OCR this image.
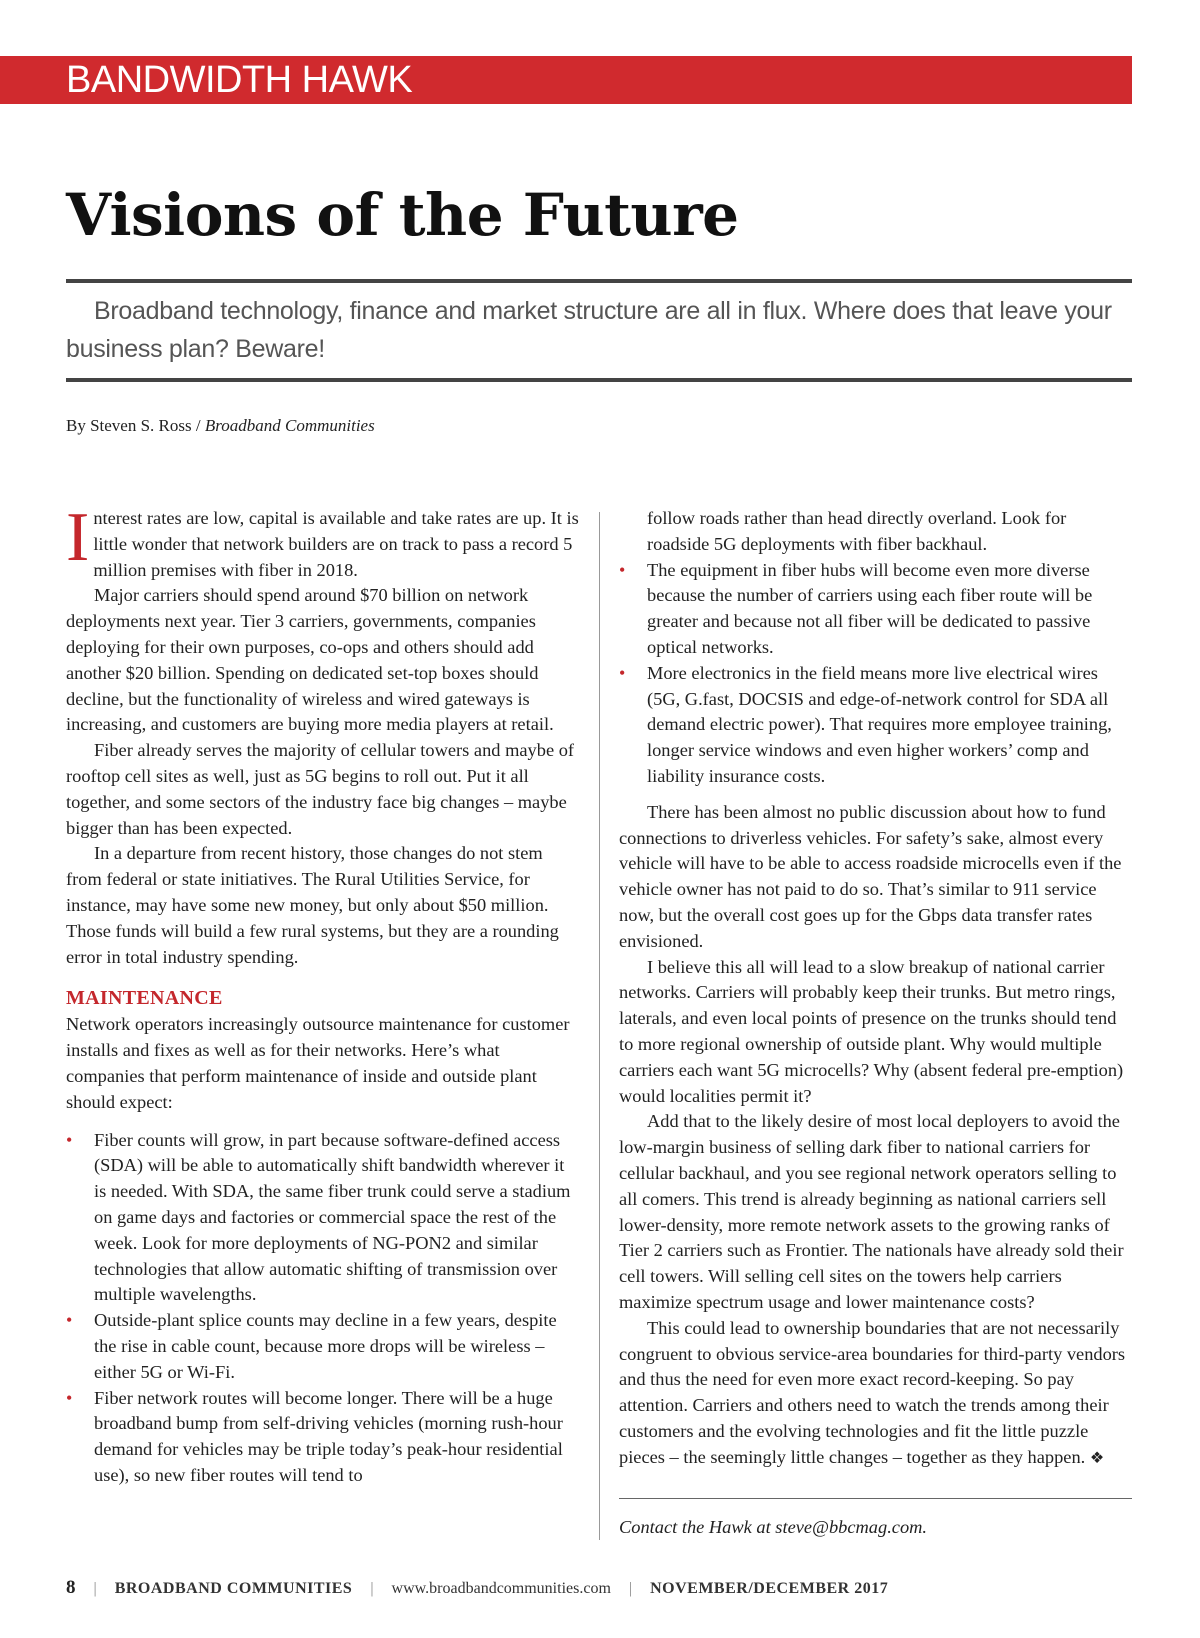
BANDWIDTH HAWK
Visions of the Future

Broadband technology, finance and market structure are all in flux. Where does that leave your business plan? Beware!

By Steven S. Ross / Broadband Communities

Interest rates are low, capital is available and take rates are up. It is little wonder that network builders are on track to pass a record 5 million premises with fiber in 2018.

Major carriers should spend around $70 billion on network deployments next year. Tier 3 carriers, governments, companies deploying for their own purposes, co-ops and others should add another $20 billion. Spending on dedicated set-top boxes should decline, but the functionality of wireless and wired gateways is increasing, and customers are buying more media players at retail.

Fiber already serves the majority of cellular towers and maybe of rooftop cell sites as well, just as 5G begins to roll out. Put it all together, and some sectors of the industry face big changes – maybe bigger than has been expected.

In a departure from recent history, those changes do not stem from federal or state initiatives. The Rural Utilities Service, for instance, may have some new money, but only about $50 million. Those funds will build a few rural systems, but they are a rounding error in total industry spending.

MAINTENANCE

Network operators increasingly outsource maintenance for customer installs and fixes as well as for their networks. Here’s what companies that perform maintenance of inside and outside plant should expect:

• Fiber counts will grow, in part because software-defined access (SDA) will be able to automatically shift bandwidth wherever it is needed. With SDA, the same fiber trunk could serve a stadium on game days and factories or commercial space the rest of the week. Look for more deployments of NG-PON2 and similar technologies that allow automatic shifting of transmission over multiple wavelengths.
• Outside-plant splice counts may decline in a few years, despite the rise in cable count, because more drops will be wireless – either 5G or Wi-Fi.
• Fiber network routes will become longer. There will be a huge broadband bump from self-driving vehicles (morning rush-hour demand for vehicles may be triple today’s peak-hour residential use), so new fiber routes will tend to
follow roads rather than head directly overland. Look for roadside 5G deployments with fiber backhaul.
• The equipment in fiber hubs will become even more diverse because the number of carriers using each fiber route will be greater and because not all fiber will be dedicated to passive optical networks.
• More electronics in the field means more live electrical wires (5G, G.fast, DOCSIS and edge-of-network control for SDA all demand electric power). That requires more employee training, longer service windows and even higher workers’ comp and liability insurance costs.

There has been almost no public discussion about how to fund connections to driverless vehicles. For safety’s sake, almost every vehicle will have to be able to access roadside microcells even if the vehicle owner has not paid to do so. That’s similar to 911 service now, but the overall cost goes up for the Gbps data transfer rates envisioned.

I believe this all will lead to a slow breakup of national carrier networks. Carriers will probably keep their trunks. But metro rings, laterals, and even local points of presence on the trunks should tend to more regional ownership of outside plant. Why would multiple carriers each want 5G microcells? Why (absent federal pre-emption) would localities permit it?

Add that to the likely desire of most local deployers to avoid the low-margin business of selling dark fiber to national carriers for cellular backhaul, and you see regional network operators selling to all comers. This trend is already beginning as national carriers sell lower-density, more remote network assets to the growing ranks of Tier 2 carriers such as Frontier. The nationals have already sold their cell towers. Will selling cell sites on the towers help carriers maximize spectrum usage and lower maintenance costs?

This could lead to ownership boundaries that are not necessarily congruent to obvious service-area boundaries for third-party vendors and thus the need for even more exact record-keeping. So pay attention. Carriers and others need to watch the trends among their customers and the evolving technologies and fit the little puzzle pieces – the seemingly little changes – together as they happen. ❖

Contact the Hawk at steve@bbcmag.com.
8 | BROADBAND COMMUNITIES | www.broadbandcommunities.com | NOVEMBER/DECEMBER 2017
